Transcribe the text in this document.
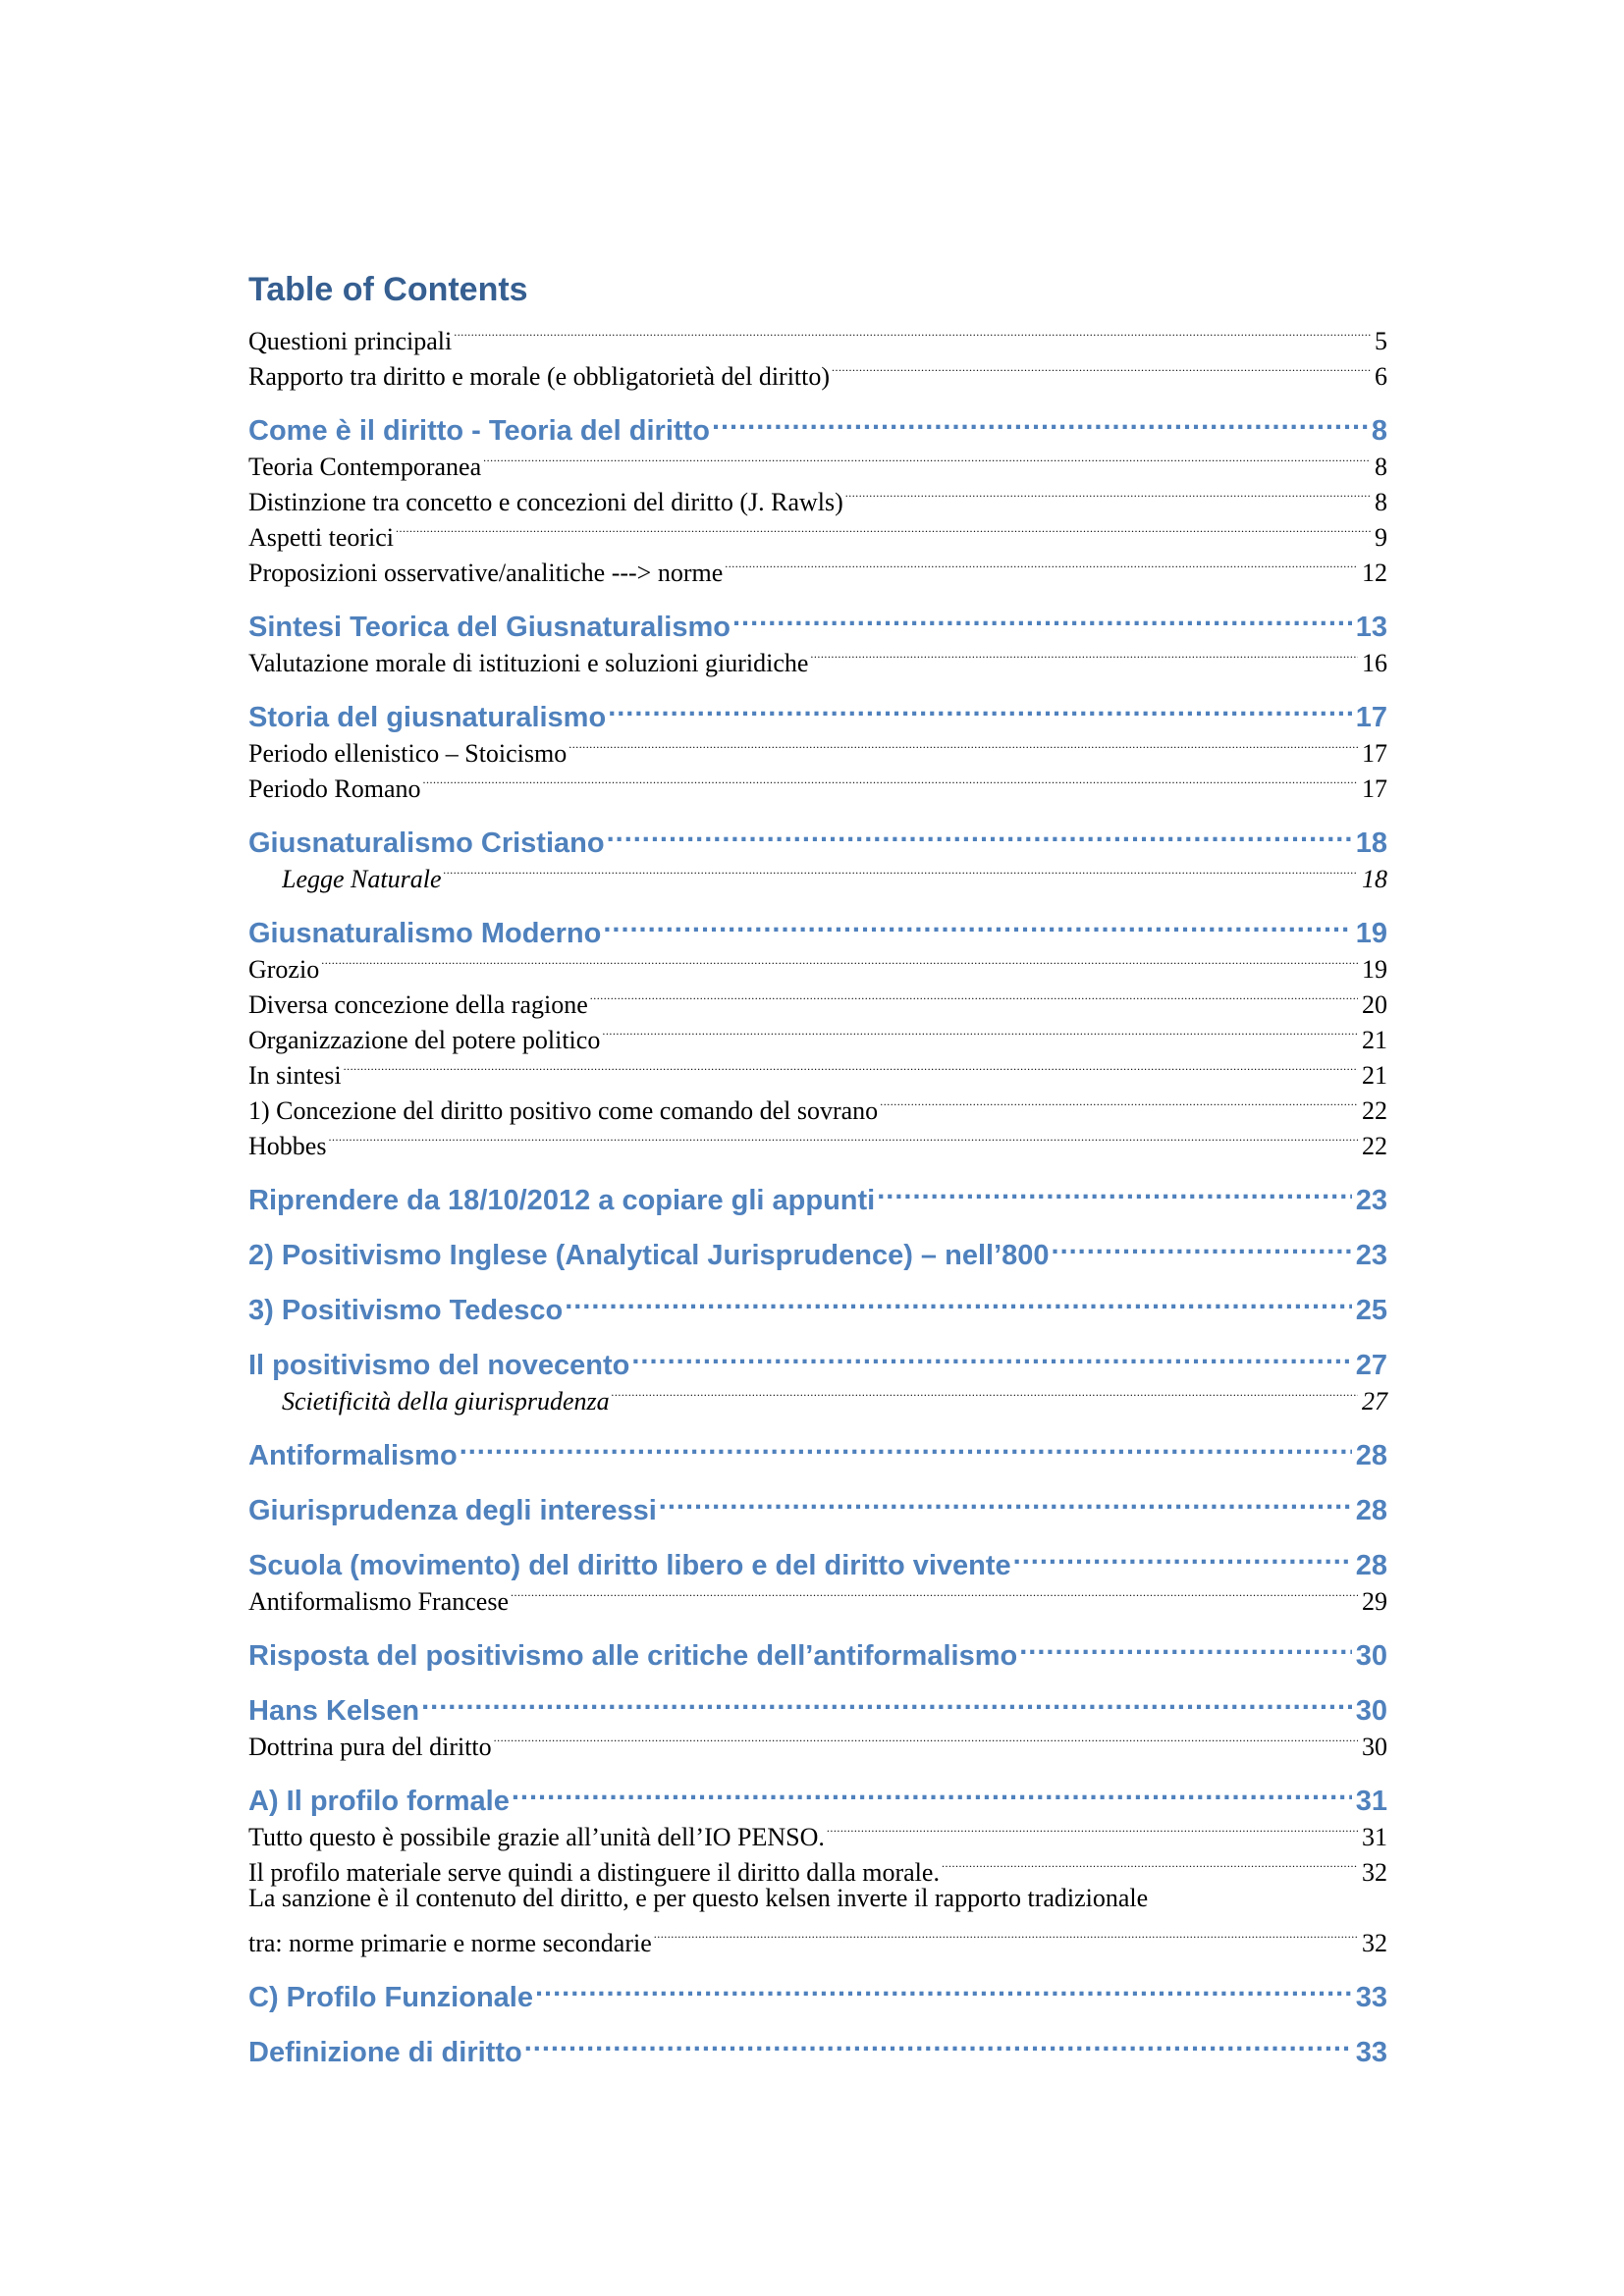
Table of Contents
Questioni principali .....	5
Rapporto tra diritto e morale (e obbligatorietà del diritto) .....	6
Come è il diritto - Teoria del diritto .....	8
Teoria Contemporanea .....	8
Distinzione tra concetto e concezioni del diritto (J. Rawls) .....	8
Aspetti teorici .....	9
Proposizioni osservative/analitiche ---> norme .....	12
Sintesi Teorica del Giusnaturalismo .....	13
Valutazione morale di istituzioni e soluzioni giuridiche .....	16
Storia del giusnaturalismo .....	17
Periodo ellenistico – Stoicismo .....	17
Periodo Romano .....	17
Giusnaturalismo Cristiano .....	18
Legge Naturale .....	18
Giusnaturalismo Moderno .....	19
Grozio .....	19
Diversa concezione della ragione .....	20
Organizzazione del potere politico .....	21
In sintesi .....	21
1) Concezione del diritto positivo come comando del sovrano .....	22
Hobbes .....	22
Riprendere da 18/10/2012 a copiare gli appunti .....	23
2) Positivismo Inglese (Analytical Jurisprudence) – nell’800 .....	23
3) Positivismo Tedesco .....	25
Il positivismo del novecento .....	27
Scietificità della giurisprudenza .....	27
Antiformalismo .....	28
Giurisprudenza degli interessi .....	28
Scuola (movimento) del diritto libero e del diritto vivente .....	28
Antiformalismo Francese .....	29
Risposta del positivismo alle critiche dell’antiformalismo .....	30
Hans Kelsen .....	30
Dottrina pura del diritto .....	30
A) Il profilo formale .....	31
Tutto questo è possibile grazie all’unità dell’IO PENSO. .....	31
Il profilo materiale serve quindi a distinguere il diritto dalla morale. .....	32
La sanzione è il contenuto del diritto, e per questo kelsen inverte il rapporto tradizionale
tra: norme primarie e norme secondarie .....	32
C) Profilo Funzionale .....	33
Definizione di diritto .....	33
